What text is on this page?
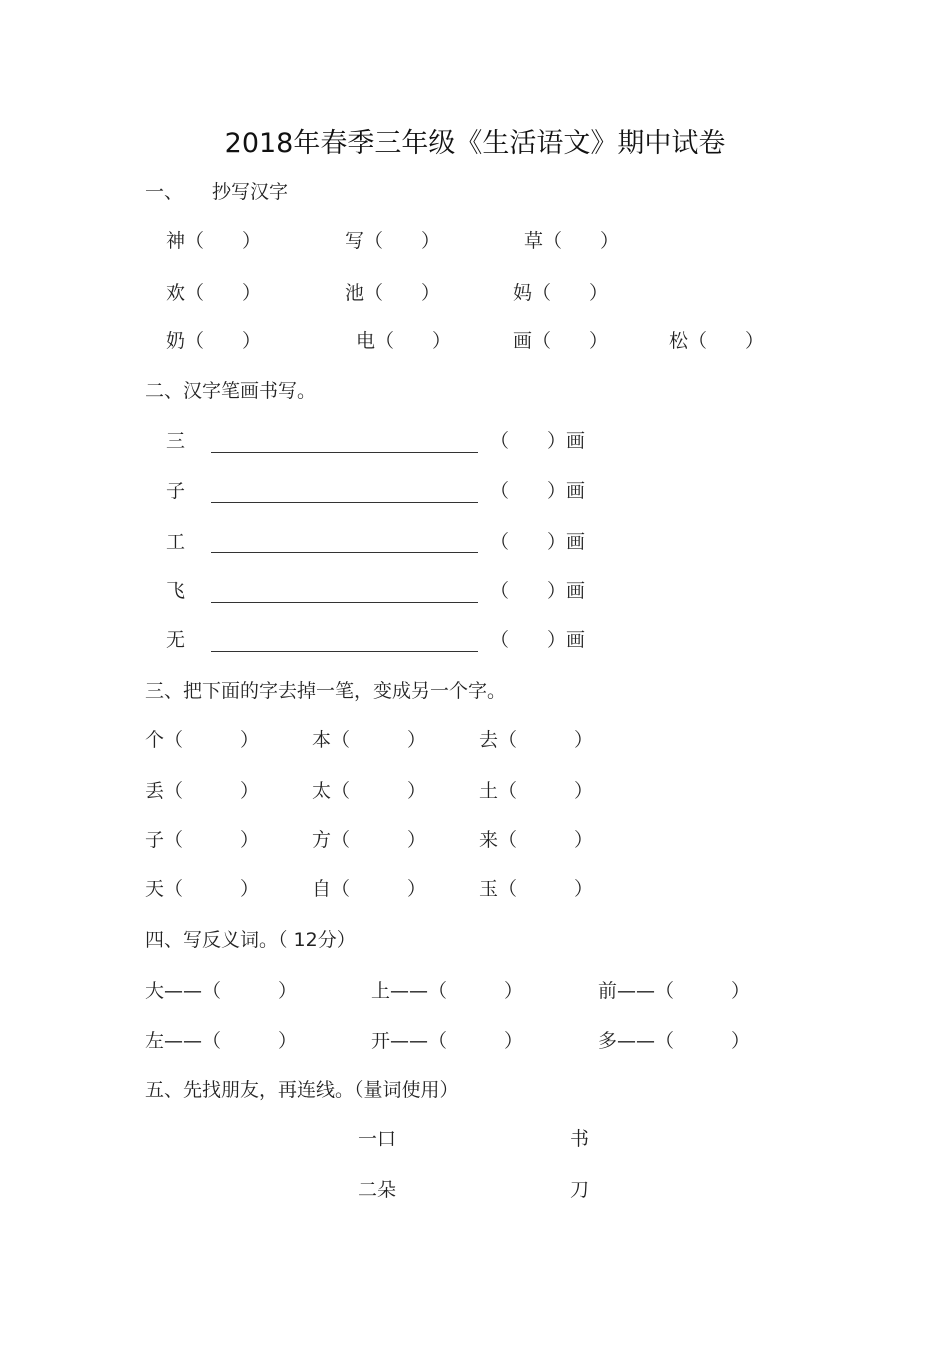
2018年春季三年级《生活语文》期中试卷
一、 抄写汉字
神（　　）	写（　　）	草（　　）
欢（　　）	池（　　）	妈（　　）
奶（　　）	电（　　）	画（　　）	松（　　）
二、汉字笔画书写。
三	（　　）画
子	（　　）画
工	（　　）画
飞	（　　）画
无	（　　）画
三、把下面的字去掉一笔，变成另一个字。
个（　　　）	本（　　　）	去（　　　）
丢（　　　）	太（　　　）	土（　　　）
子（　　　）	方（　　　）	来（　　　）
天（　　　）	自（　　　）	玉（　　　）
四、写反义词。（ 12分）
大——（　　　）	上——（　　　）	前——（　　　）
左——（　　　）	开——（　　　）	多——（　　　）
五、先找朋友，再连线。（量词使用）
一口	书
二朵	刀
